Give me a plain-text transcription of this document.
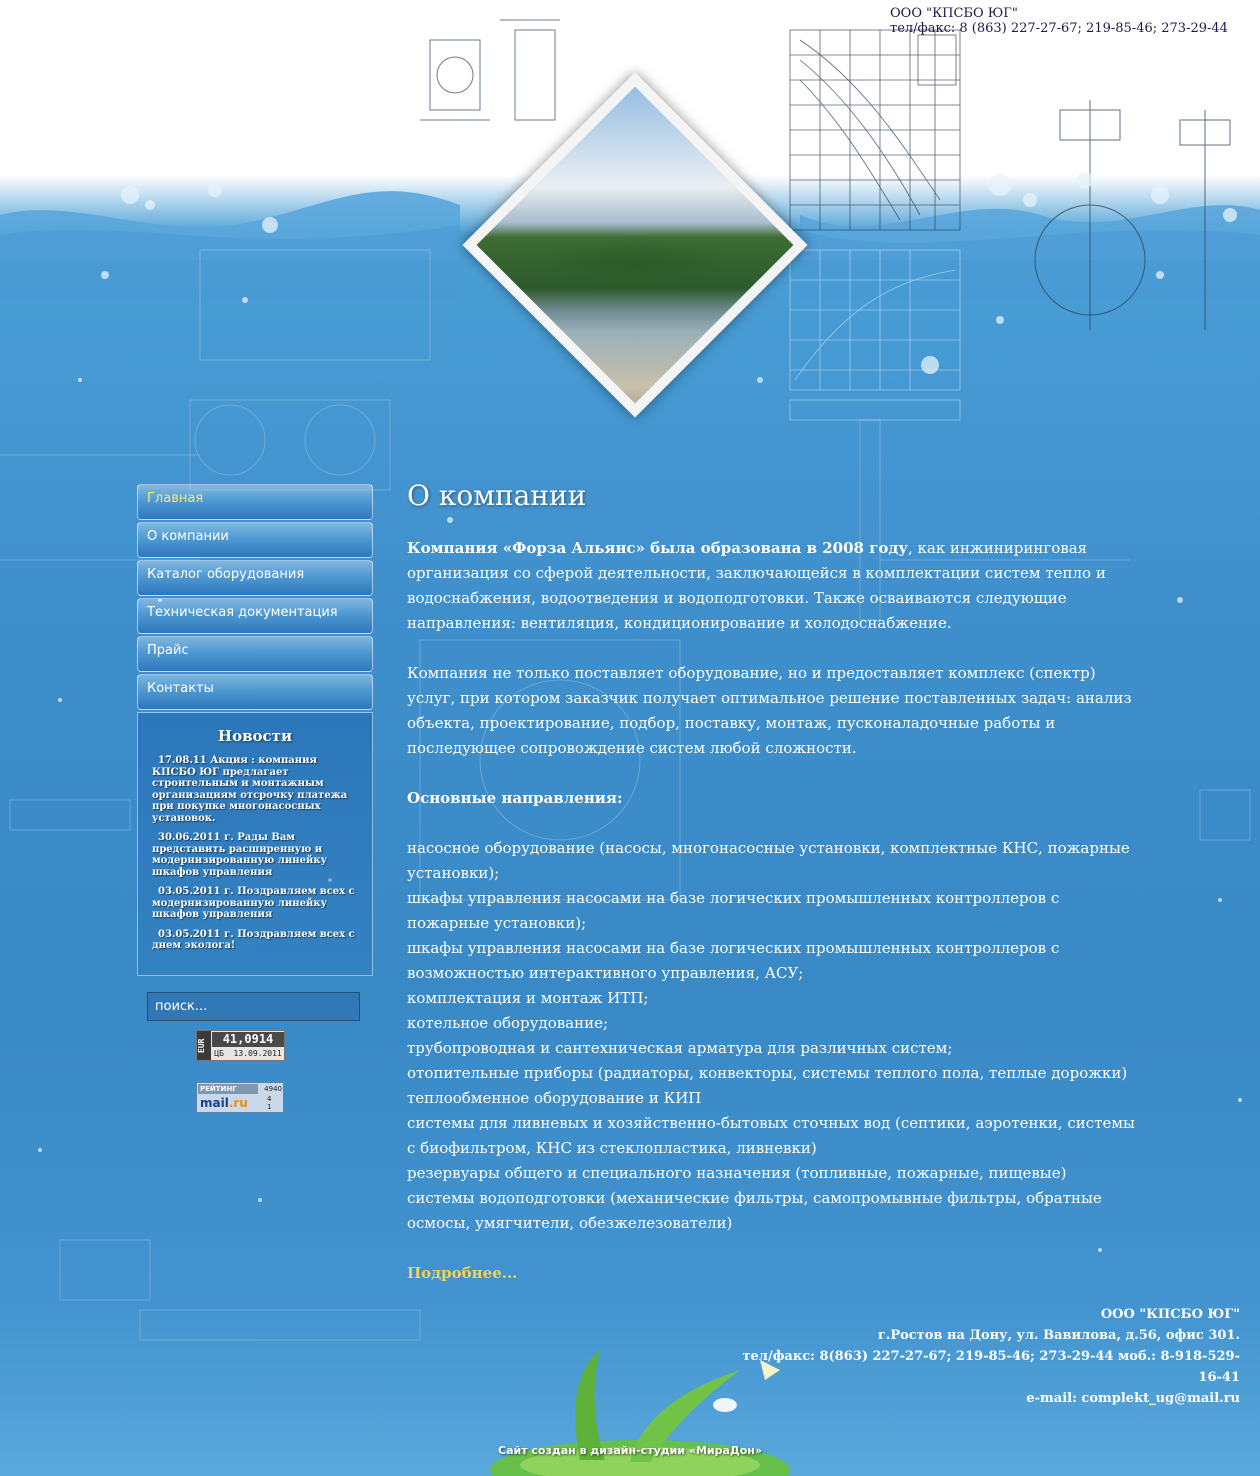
ООО "КПСБО ЮГ"
тел/факс: 8 (863) 227-27-67; 219-85-46; 273-29-44
Главная
О компании
Каталог оборудования
Техническая документация
Прайс
Контакты
Новости
17.08.11 Акция : компания КПСБО ЮГ предлагает строительным и монтажным организациям отсрочку платежа при покупке многонасосных установок.
30.06.2011 г. Рады Вам представить расширенную и модернизированную линейку шкафов управления
03.05.2011 г. Поздравляем всех с модернизированную линейку шкафов управления
03.05.2011 г. Поздравляем всех с днем эколога!
поиск...
EUR	41,0914
ЦБ 13.09.2011
РЕЙТИНГ	4940
mail.ru	4
1
О компании

Компания «Форза Альянс» была образована в 2008 году, как инжиниринговая организация со сферой деятельности, заключающейся в комплектации систем тепло и водоснабжения, водоотведения и водоподготовки. Также осваиваются следующие направления: вентиляция, кондиционирование и холодоснабжение.

Компания не только поставляет оборудование, но и предоставляет комплекс (спектр) услуг, при котором заказчик получает оптимальное решение поставленных задач: анализ объекта, проектирование, подбор, поставку, монтаж, пусконаладочные работы и последующее сопровождение систем любой сложности.

Основные направления:
насосное оборудование (насосы, многонасосные установки, комплектные КНС, пожарные установки);
шкафы управления насосами на базе логических промышленных контроллеров с пожарные установки);
шкафы управления насосами на базе логических промышленных контроллеров с возможностью интерактивного управления, АСУ;
комплектация и монтаж ИТП;
котельное оборудование;
трубопроводная и сантехническая арматура для различных систем;
отопительные приборы (радиаторы, конвекторы, системы теплого пола, теплые дорожки)
теплообменное оборудование и КИП
системы для ливневых и хозяйственно-бытовых сточных вод (септики, аэротенки, системы с биофильтром, КНС из стеклопластика, ливневки)
резервуары общего и специального назначения (топливные, пожарные, пищевые)
системы водоподготовки (механические фильтры, самопромывные фильтры, обратные осмосы, умягчители, обезжелезователи)
Подробнее...
ООО "КПСБО ЮГ"
г.Ростов на Дону, ул. Вавилова, д.56, офис 301.
тел/факс: 8(863) 227-27-67; 219-85-46; 273-29-44 моб.: 8-918-529-16-41
e-mail: complekt_ug@mail.ru
Сайт создан в дизайн-студии «МираДон»
